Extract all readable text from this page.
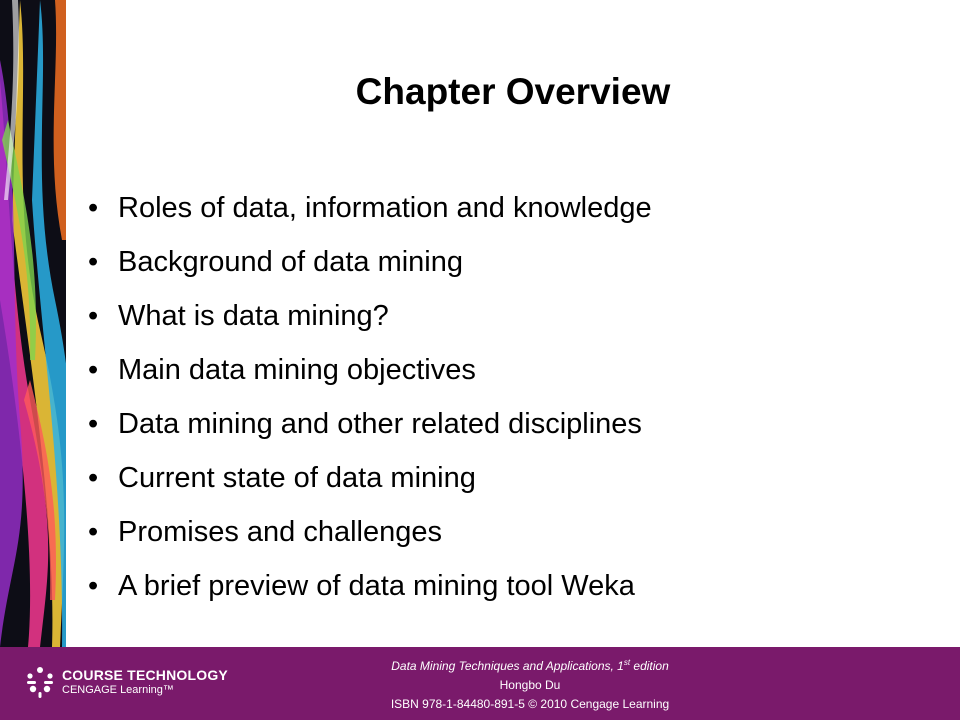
Chapter Overview
• Roles of data, information and knowledge
• Background of data mining
• What is data mining?
• Main data mining objectives
• Data mining and other related disciplines
• Current state of data mining
• Promises and challenges
• A brief preview of data mining tool Weka
COURSE TECHNOLOGY
CENGAGE Learning™
Data Mining Techniques and Applications, 1st edition
Hongbo Du
ISBN 978-1-84480-891-5 © 2010 Cengage Learning
